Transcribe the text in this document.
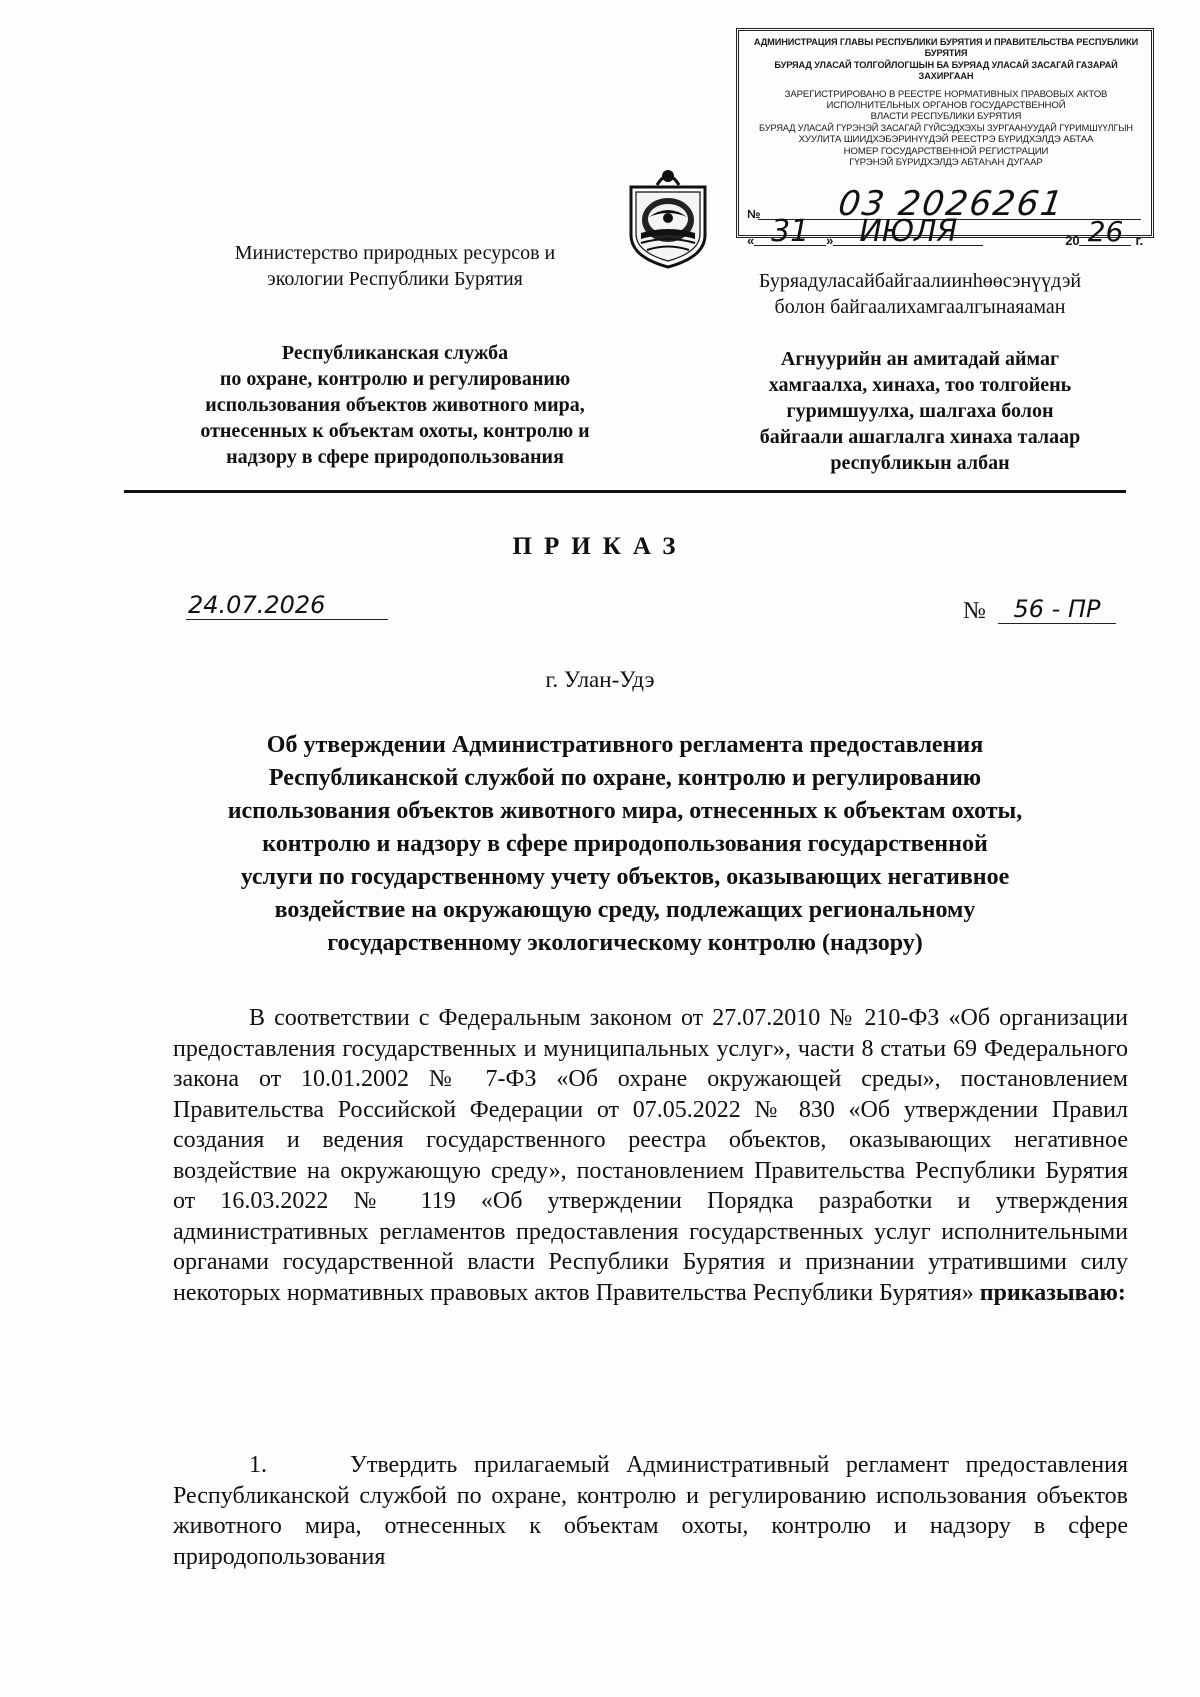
АДМИНИСТРАЦИЯ ГЛАВЫ РЕСПУБЛИКИ БУРЯТИЯ И ПРАВИТЕЛЬСТВА РЕСПУБЛИКИ БУРЯТИЯ
БУРЯАД УЛАСАЙ ТОЛГОЙЛОГШЫН БА БУРЯАД УЛАСАЙ ЗАСАГАЙ ГАЗАРАЙ ЗАХИРГААН
ЗАРЕГИСТРИРОВАНО В РЕЕСТРЕ НОРМАТИВНЫХ ПРАВОВЫХ АКТОВ
ИСПОЛНИТЕЛЬНЫХ ОРГАНОВ ГОСУДАРСТВЕННОЙ
ВЛАСТИ РЕСПУБЛИКИ БУРЯТИЯ
БУРЯАД УЛАСАЙ ГҮРЭНЭЙ ЗАСАГАЙ ГҮЙСЭДХЭХЫ ЗУРГААНУУДАЙ ГҮРИМШҮҮЛГЫН
ХУУЛИТА ШИИДХЭБЭРИНҮҮДЭЙ РЕЕСТРЭ БҮРИДХЭЛДЭ АБТАА
НОМЕР ГОСУДАРСТВЕННОЙ РЕГИСТРАЦИИ
ГҮРЭНЭЙ БҮРИДХЭЛДЭ АБТАҺАН ДУГААР
№	03 2026261
« 31	» ИЮЛЯ	20 26 г.
Министерство природных ресурсов и
экологии Республики Бурятия
Республиканская служба
по охране, контролю и регулированию
использования объектов животного мира,
отнесенных к объектам охоты, контролю и
надзору в сфере природопользования
Буряадуласайбайгаалиинһөөсэнүүдэй
болон байгаалихамгаалгынаяаман
Агнуурийн ан амитадай аймаг
хамгаалха, хинаха, тоо толгойень
гуримшуулха, шалгаха болон
байгаали ашаглалга хинаха талаар
республикын албан
ПРИКАЗ
24.07.2026	№	56 - ПР
г. Улан-Удэ
Об утверждении Административного регламента предоставления
Республиканской службой по охране, контролю и регулированию
использования объектов животного мира, отнесенных к объектам охоты,
контролю и надзору в сфере природопользования государственной
услуги по государственному учету объектов, оказывающих негативное
воздействие на окружающую среду, подлежащих региональному
государственному экологическому контролю (надзору)
В соответствии с Федеральным законом от 27.07.2010 № 210-ФЗ «Об организации предоставления государственных и муниципальных услуг», части 8 статьи 69 Федерального закона от 10.01.2002 № 7-ФЗ «Об охране окружающей среды», постановлением Правительства Российской Федерации от 07.05.2022 № 830 «Об утверждении Правил создания и ведения государственного реестра объектов, оказывающих негативное воздействие на окружающую среду», постановлением Правительства Республики Бурятия от 16.03.2022 № 119 «Об утверждении Порядка разработки и утверждения административных регламентов предоставления государственных услуг исполнительными органами государственной власти Республики Бурятия и признании утратившими силу некоторых нормативных правовых актов Правительства Республики Бурятия» приказываю:
1.	Утвердить прилагаемый Административный регламент предоставления Республиканской службой по охране, контролю и регулированию использования объектов животного мира, отнесенных к объектам охоты, контролю и надзору в сфере природопользования
